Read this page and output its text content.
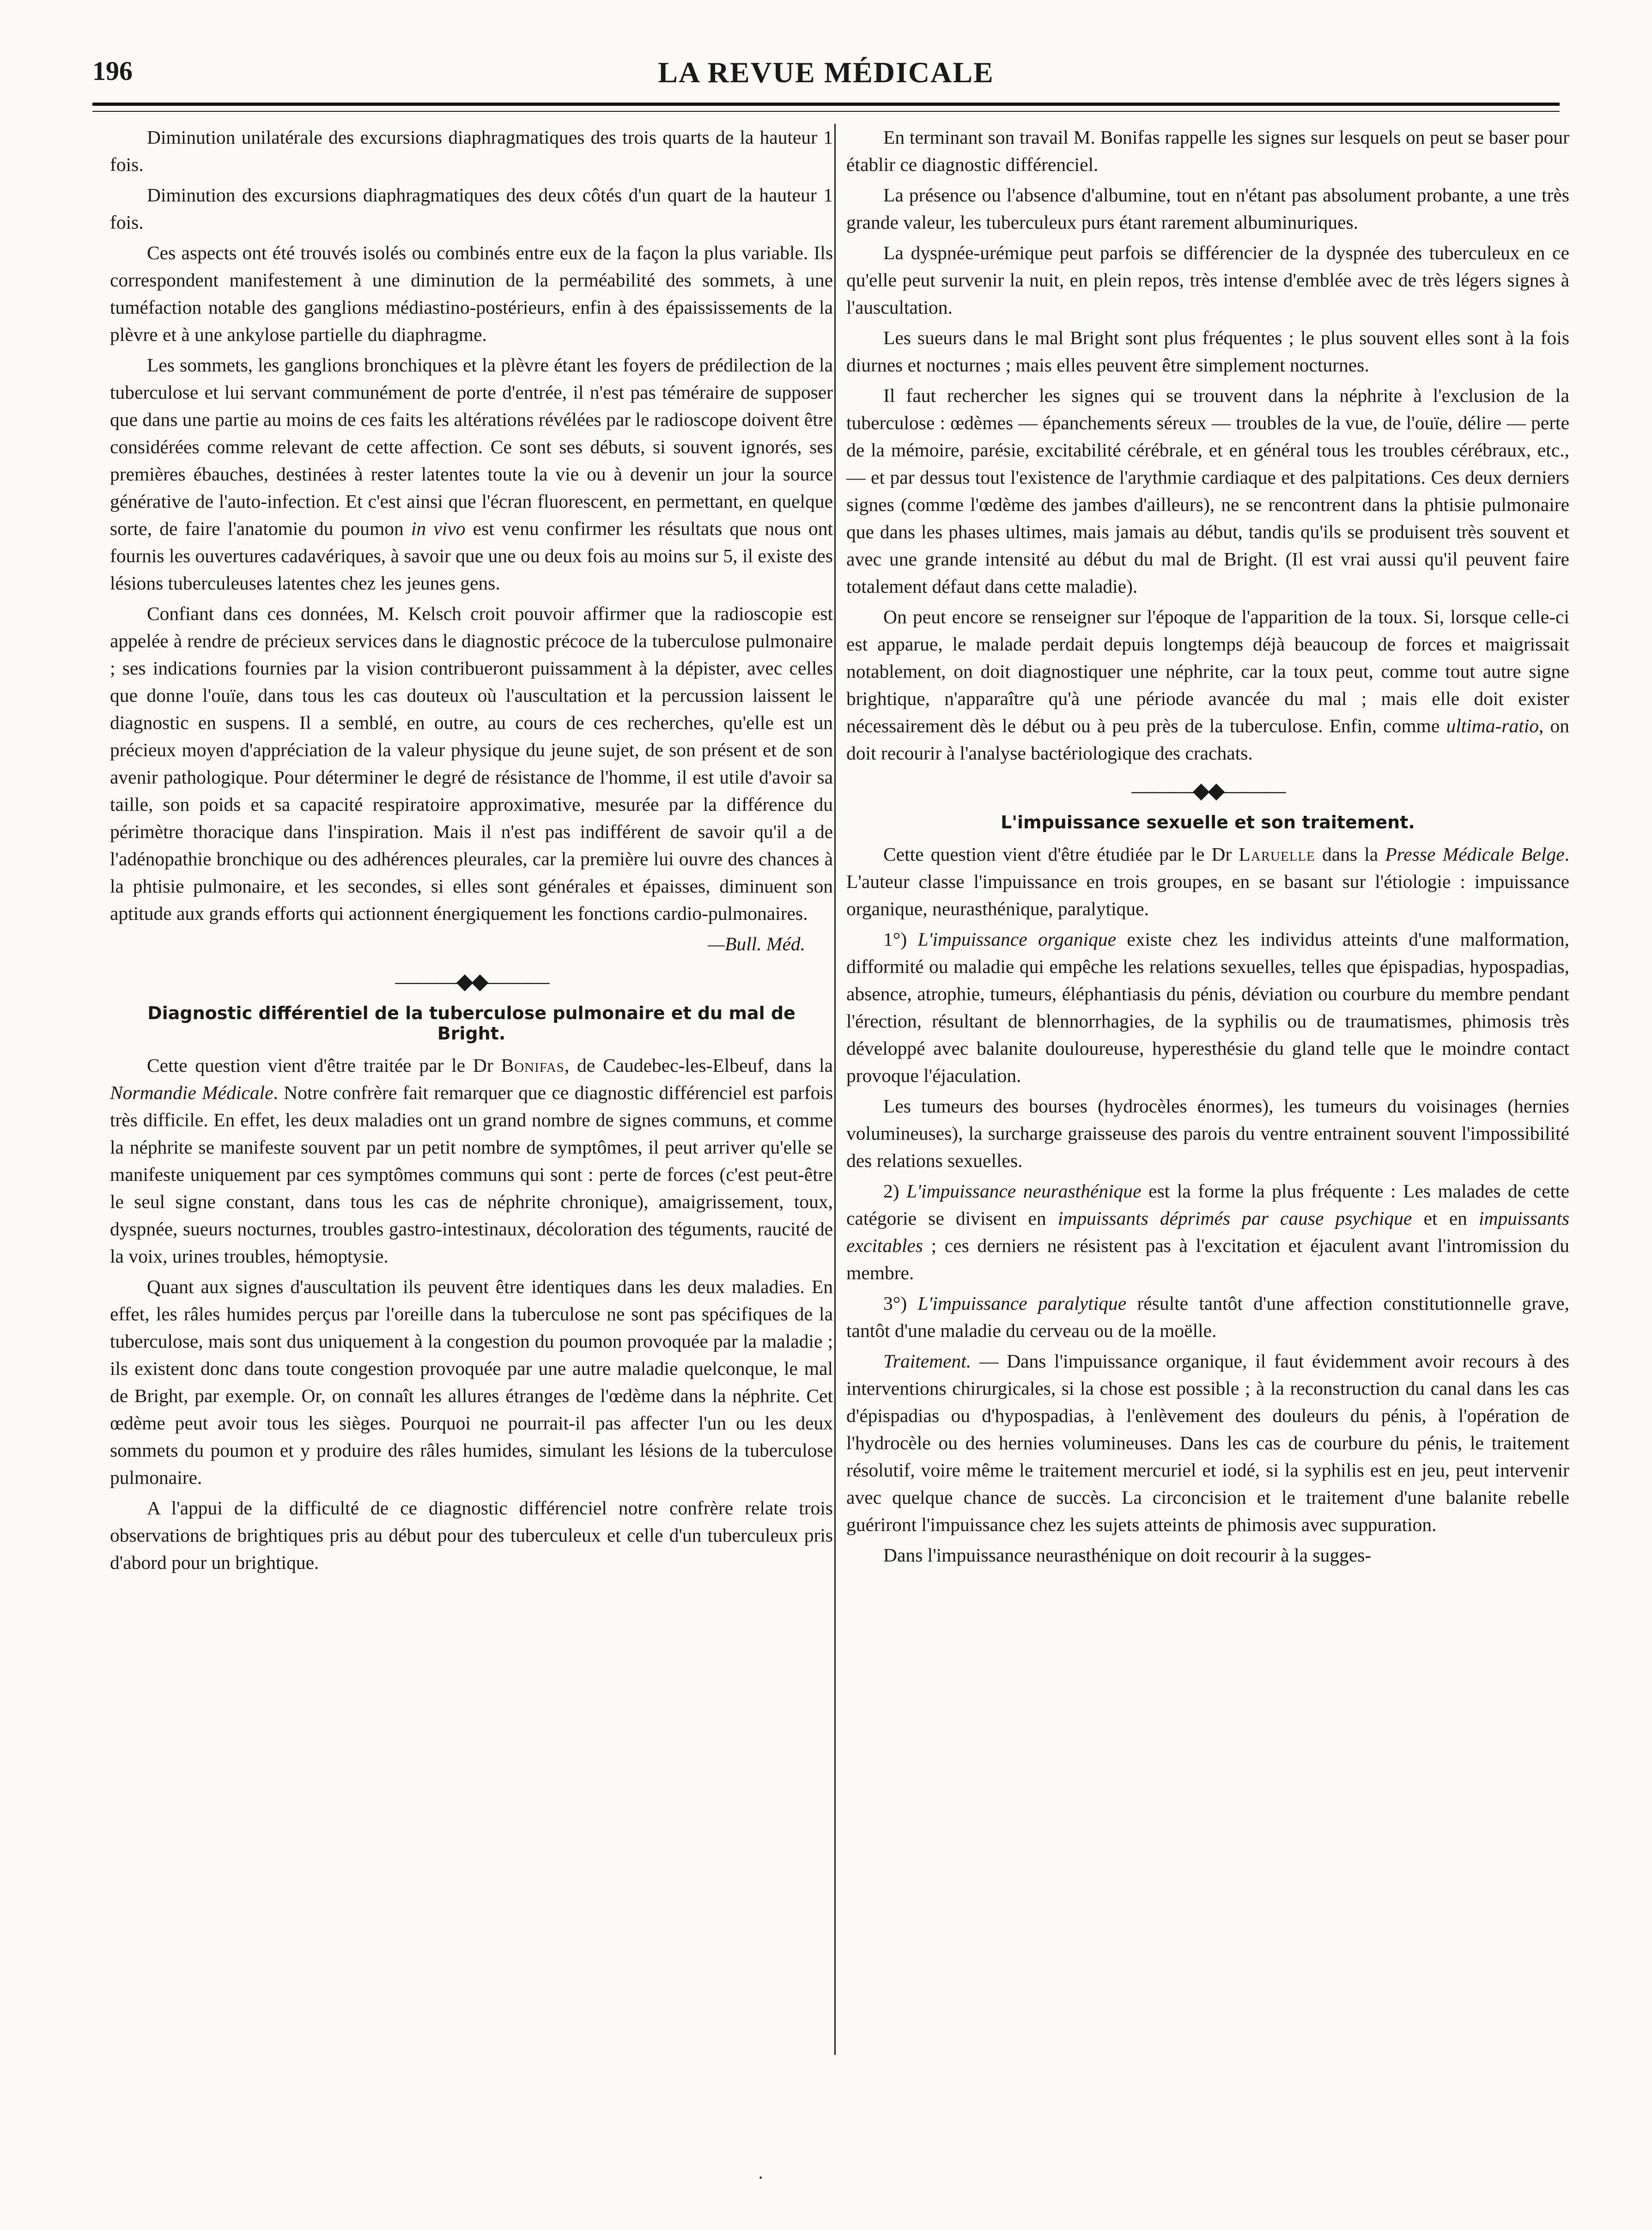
196	LA REVUE MÉDICALE

Diminution unilatérale des excursions diaphragmatiques des trois quarts de la hauteur 1 fois.

Diminution des excursions diaphragmatiques des deux côtés d'un quart de la hauteur 1 fois.

Ces aspects ont été trouvés isolés ou combinés entre eux de la façon la plus variable. Ils correspondent manifestement à une diminution de la perméabilité des sommets, à une tuméfaction notable des ganglions médiastino-postérieurs, enfin à des épaississements de la plèvre et à une ankylose partielle du diaphragme.

Les sommets, les ganglions bronchiques et la plèvre étant les foyers de prédilection de la tuberculose et lui servant communément de porte d'entrée, il n'est pas téméraire de supposer que dans une partie au moins de ces faits les altérations révélées par le radioscope doivent être considérées comme relevant de cette affection. Ce sont ses débuts, si souvent ignorés, ses premières ébauches, destinées à rester latentes toute la vie ou à devenir un jour la source générative de l'auto-infection. Et c'est ainsi que l'écran fluorescent, en permettant, en quelque sorte, de faire l'anatomie du poumon in vivo est venu confirmer les résultats que nous ont fournis les ouvertures cadavériques, à savoir que une ou deux fois au moins sur 5, il existe des lésions tuberculeuses latentes chez les jeunes gens.

Confiant dans ces données, M. Kelsch croit pouvoir affirmer que la radioscopie est appelée à rendre de précieux services dans le diagnostic précoce de la tuberculose pulmonaire ; ses indications fournies par la vision contribueront puissamment à la dépister, avec celles que donne l'ouïe, dans tous les cas douteux où l'auscultation et la percussion laissent le diagnostic en suspens. Il a semblé, en outre, au cours de ces recherches, qu'elle est un précieux moyen d'appréciation de la valeur physique du jeune sujet, de son présent et de son avenir pathologique. Pour déterminer le degré de résistance de l'homme, il est utile d'avoir sa taille, son poids et sa capacité respiratoire approximative, mesurée par la différence du périmètre thoracique dans l'inspiration. Mais il n'est pas indifférent de savoir qu'il a de l'adénopathie bronchique ou des adhérences pleurales, car la première lui ouvre des chances à la phtisie pulmonaire, et les secondes, si elles sont générales et épaisses, diminuent son aptitude aux grands efforts qui actionnent énergiquement les fonctions cardio-pulmonaires.

—Bull. Méd.

———◆◆———
Diagnostic différentiel de la tuberculose pulmonaire et du mal de Bright.

Cette question vient d'être traitée par le Dr Bonifas, de Caudebec-les-Elbeuf, dans la Normandie Médicale. Notre confrère fait remarquer que ce diagnostic différenciel est parfois très difficile. En effet, les deux maladies ont un grand nombre de signes communs, et comme la néphrite se manifeste souvent par un petit nombre de symptômes, il peut arriver qu'elle se manifeste uniquement par ces symptômes communs qui sont : perte de forces (c'est peut-être le seul signe constant, dans tous les cas de néphrite chronique), amaigrissement, toux, dyspnée, sueurs nocturnes, troubles gastro-intestinaux, décoloration des téguments, raucité de la voix, urines troubles, hémoptysie.

Quant aux signes d'auscultation ils peuvent être identiques dans les deux maladies. En effet, les râles humides perçus par l'oreille dans la tuberculose ne sont pas spécifiques de la tuberculose, mais sont dus uniquement à la congestion du poumon provoquée par la maladie ; ils existent donc dans toute congestion provoquée par une autre maladie quelconque, le mal de Bright, par exemple. Or, on connaît les allures étranges de l'œdème dans la néphrite. Cet œdème peut avoir tous les sièges. Pourquoi ne pourrait-il pas affecter l'un ou les deux sommets du poumon et y produire des râles humides, simulant les lésions de la tuberculose pulmonaire.

A l'appui de la difficulté de ce diagnostic différenciel notre confrère relate trois observations de brightiques pris au début pour des tuberculeux et celle d'un tuberculeux pris d'abord pour un brightique.

En terminant son travail M. Bonifas rappelle les signes sur lesquels on peut se baser pour établir ce diagnostic différenciel.

La présence ou l'absence d'albumine, tout en n'étant pas absolument probante, a une très grande valeur, les tuberculeux purs étant rarement albuminuriques.

La dyspnée-urémique peut parfois se différencier de la dyspnée des tuberculeux en ce qu'elle peut survenir la nuit, en plein repos, très intense d'emblée avec de très légers signes à l'auscultation.

Les sueurs dans le mal Bright sont plus fréquentes ; le plus souvent elles sont à la fois diurnes et nocturnes ; mais elles peuvent être simplement nocturnes.

Il faut rechercher les signes qui se trouvent dans la néphrite à l'exclusion de la tuberculose : œdèmes — épanchements séreux — troubles de la vue, de l'ouïe, délire — perte de la mémoire, parésie, excitabilité cérébrale, et en général tous les troubles cérébraux, etc., — et par dessus tout l'existence de l'arythmie cardiaque et des palpitations. Ces deux derniers signes (comme l'œdème des jambes d'ailleurs), ne se rencontrent dans la phtisie pulmonaire que dans les phases ultimes, mais jamais au début, tandis qu'ils se produisent très souvent et avec une grande intensité au début du mal de Bright. (Il est vrai aussi qu'il peuvent faire totalement défaut dans cette maladie).

On peut encore se renseigner sur l'époque de l'apparition de la toux. Si, lorsque celle-ci est apparue, le malade perdait depuis longtemps déjà beaucoup de forces et maigrissait notablement, on doit diagnostiquer une néphrite, car la toux peut, comme tout autre signe brightique, n'apparaître qu'à une période avancée du mal ; mais elle doit exister nécessairement dès le début ou à peu près de la tuberculose. Enfin, comme ultima-ratio, on doit recourir à l'analyse bactériologique des crachats.

———◆◆———
L'impuissance sexuelle et son traitement.

Cette question vient d'être étudiée par le Dr Laruelle dans la Presse Médicale Belge. L'auteur classe l'impuissance en trois groupes, en se basant sur l'étiologie : impuissance organique, neurasthénique, paralytique.

1°) L'impuissance organique existe chez les individus atteints d'une malformation, difformité ou maladie qui empêche les relations sexuelles, telles que épispadias, hypospadias, absence, atrophie, tumeurs, éléphantiasis du pénis, déviation ou courbure du membre pendant l'érection, résultant de blennorrhagies, de la syphilis ou de traumatismes, phimosis très développé avec balanite douloureuse, hyperesthésie du gland telle que le moindre contact provoque l'éjaculation.

Les tumeurs des bourses (hydrocèles énormes), les tumeurs du voisinages (hernies volumineuses), la surcharge graisseuse des parois du ventre entrainent souvent l'impossibilité des relations sexuelles.

2) L'impuissance neurasthénique est la forme la plus fréquente : Les malades de cette catégorie se divisent en impuissants déprimés par cause psychique et en impuissants excitables ; ces derniers ne résistent pas à l'excitation et éjaculent avant l'intromission du membre.

3°) L'impuissance paralytique résulte tantôt d'une affection constitutionnelle grave, tantôt d'une maladie du cerveau ou de la moëlle.

Traitement. — Dans l'impuissance organique, il faut évidemment avoir recours à des interventions chirurgicales, si la chose est possible ; à la reconstruction du canal dans les cas d'épispadias ou d'hypospadias, à l'enlèvement des douleurs du pénis, à l'opération de l'hydrocèle ou des hernies volumineuses. Dans les cas de courbure du pénis, le traitement résolutif, voire même le traitement mercuriel et iodé, si la syphilis est en jeu, peut intervenir avec quelque chance de succès. La circoncision et le traitement d'une balanite rebelle guériront l'impuissance chez les sujets atteints de phimosis avec suppuration.

Dans l'impuissance neurasthénique on doit recourir à la sugges-

·
